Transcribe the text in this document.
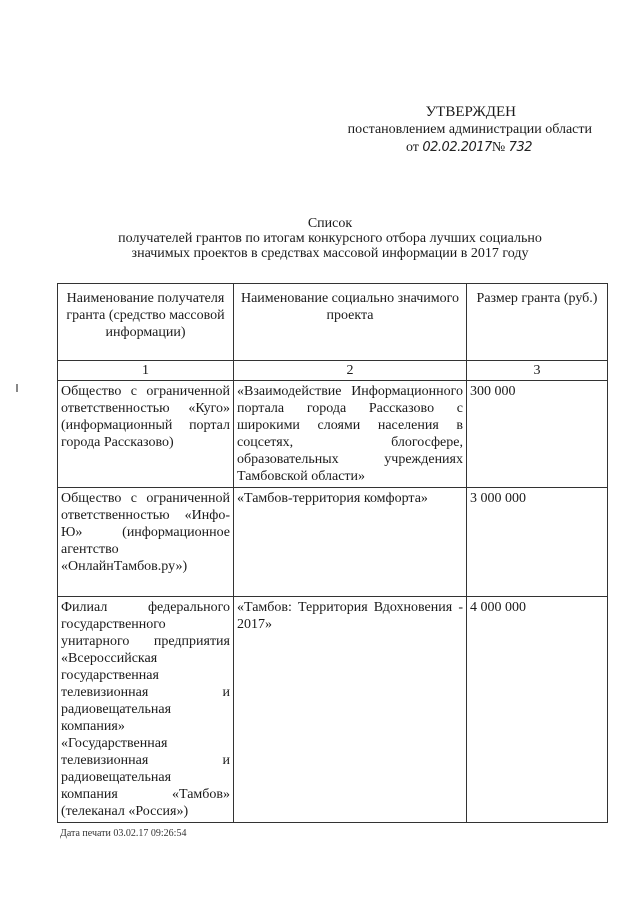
УТВЕРЖДЕН
постановлением администрации области
от 02.02.2017№ 732
Список
получателей грантов по итогам конкурсного отбора лучших социально
значимых проектов в средствах массовой информации в 2017 году
Наименование получателя гранта (средство массовой информации)	Наименование социально значимого проекта	Размер гранта (руб.)
1	2	3
Общество с ограниченной ответственностью «Куго» (информационный портал города Рассказово)	«Взаимодействие Информационного портала города Рассказово с широкими слоями населения в соцсетях, блогосфере, образовательных учреждениях Тамбовской области»	300 000
Общество с ограниченной ответственностью «Инфо-Ю» (информационное агентство «ОнлайнТамбов.ру»)	«Тамбов-территория комфорта»	3 000 000
Филиал федерального государственного унитарного предприятия «Всероссийская государственная телевизионная и радиовещательная компания» «Государственная телевизионная и радиовещательная компания «Тамбов» (телеканал «Россия»)	«Тамбов: Территория Вдохновения - 2017»	4 000 000
Дата печати 03.02.17 09:26:54
